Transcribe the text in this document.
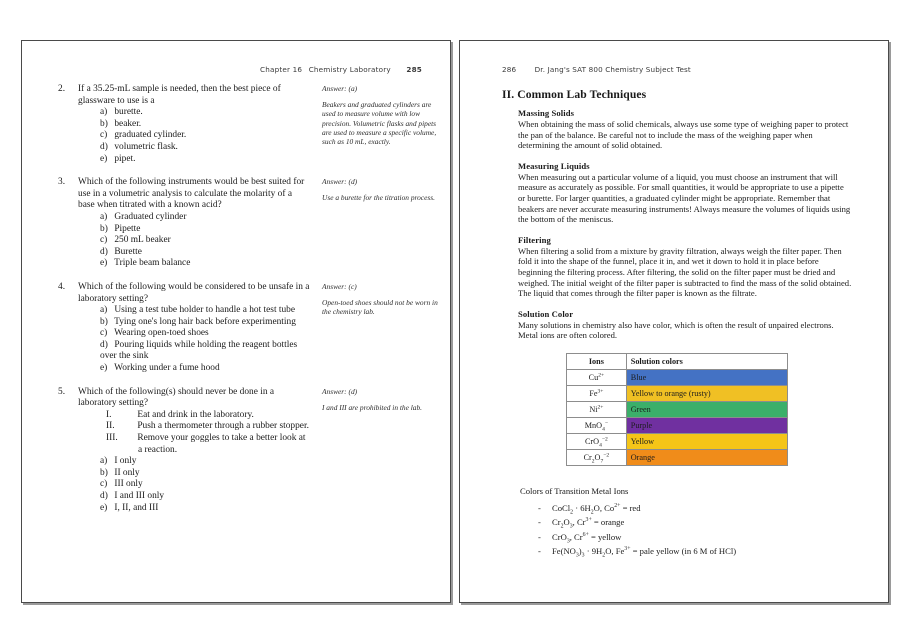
Chapter 16 Chemistry Laboratory 285
2. If a 35.25-mL sample is needed, then the best piece of glassware to use is a
a) burette.
b) beaker.
c) graduated cylinder.
d) volumetric flask.
e) pipet.
Answer: (a)
Beakers and graduated cylinders are used to measure volume with low precision. Volumetric flasks and pipets are used to measure a specific volume, such as 10 mL, exactly.
3. Which of the following instruments would be best suited for use in a volumetric analysis to calculate the molarity of a base when titrated with a known acid?
a) Graduated cylinder
b) Pipette
c) 250 mL beaker
d) Burette
e) Triple beam balance
Answer: (d)
Use a burette for the titration process.
4. Which of the following would be considered to be unsafe in a laboratory setting?
a) Using a test tube holder to handle a hot test tube
b) Tying one's long hair back before experimenting
c) Wearing open-toed shoes
d) Pouring liquids while holding the reagent bottles over the sink
e) Working under a fume hood
Answer: (c)
Open-toed shoes should not be worn in the chemistry lab.
5. Which of the following(s) should never be done in a laboratory setting?
I.	Eat and drink in the laboratory.
II. Push a thermometer through a rubber stopper.
III. Remove your goggles to take a better look at a reaction.
a) I only
b) II only
c) III only
d) I and III only
e) I, II, and III
Answer: (d)
I and III are prohibited in the lab.
286	Dr. Jang's SAT 800 Chemistry Subject Test
II. Common Lab Techniques
Massing Solids

When obtaining the mass of solid chemicals, always use some type of weighing paper to protect the pan of the balance. Be careful not to include the mass of the weighing paper when determining the amount of solid obtained.

Measuring Liquids

When measuring out a particular volume of a liquid, you must choose an instrument that will measure as accurately as possible. For small quantities, it would be appropriate to use a pipette or burette. For larger quantities, a graduated cylinder might be appropriate. Remember that beakers are never accurate measuring instruments! Always measure the volumes of liquids using the bottom of the meniscus.

Filtering

When filtering a solid from a mixture by gravity filtration, always weigh the filter paper. Then fold it into the shape of the funnel, place it in, and wet it down to hold it in place before beginning the filtering process. After filtering, the solid on the filter paper must be dried and weighed. The initial weight of the filter paper is subtracted to find the mass of the solid obtained. The liquid that comes through the filter paper is known as the filtrate.

Solution Color

Many solutions in chemistry also have color, which is often the result of unpaired electrons. Metal ions are often colored.

Ions	Solution colors
$Cu^{2+}$	Blue
$Fe^{3+}$	Yellow to orange (rusty)
$Ni^{2+}$	Green
MnO$_4$−	Purple
CrO$_4^{-2}$	Yellow
$Cr_2O_7^{-2}$	Orange
Colors of Transition Metal Ions
- CoCl$_2$ · $6H_2O$, $Co^{2+}$ = red
- $Cr_2O_3$, $Cr^{3+}$ = orange
- CrO$_3$, $Cr^{6+}$ = yellow
- $Fe(NO_3)_3 \cdot 9H_2O$, $Fe^{3+}$ = pale yellow (in 6 M of HCl)
